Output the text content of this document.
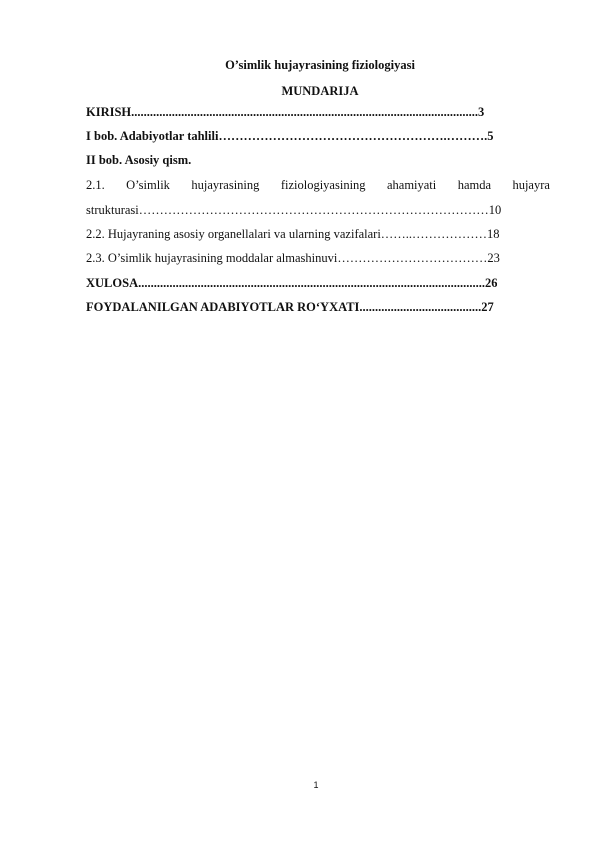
O’simlik hujayrasining fiziologiyasi
MUNDARIJA
KIRISH...............................................................................................................3
I bob. Adabiyotlar tahlili……………………………………………….……….5
II bob. Asosiy qism.
2.1. O’simlik hujayrasining fiziologiyasining ahamiyati hamda hujayra
strukturasi…………………………………………………………………………10
2.2. Hujayraning asosiy organellalari va ularning vazifalari……..………………18
2.3. O’simlik hujayrasining moddalar almashinuvi………………………………23
XULOSA...............................................................................................................26
FOYDALANILGAN ADABIYOTLAR RO‘YXATI.......................................27
1
